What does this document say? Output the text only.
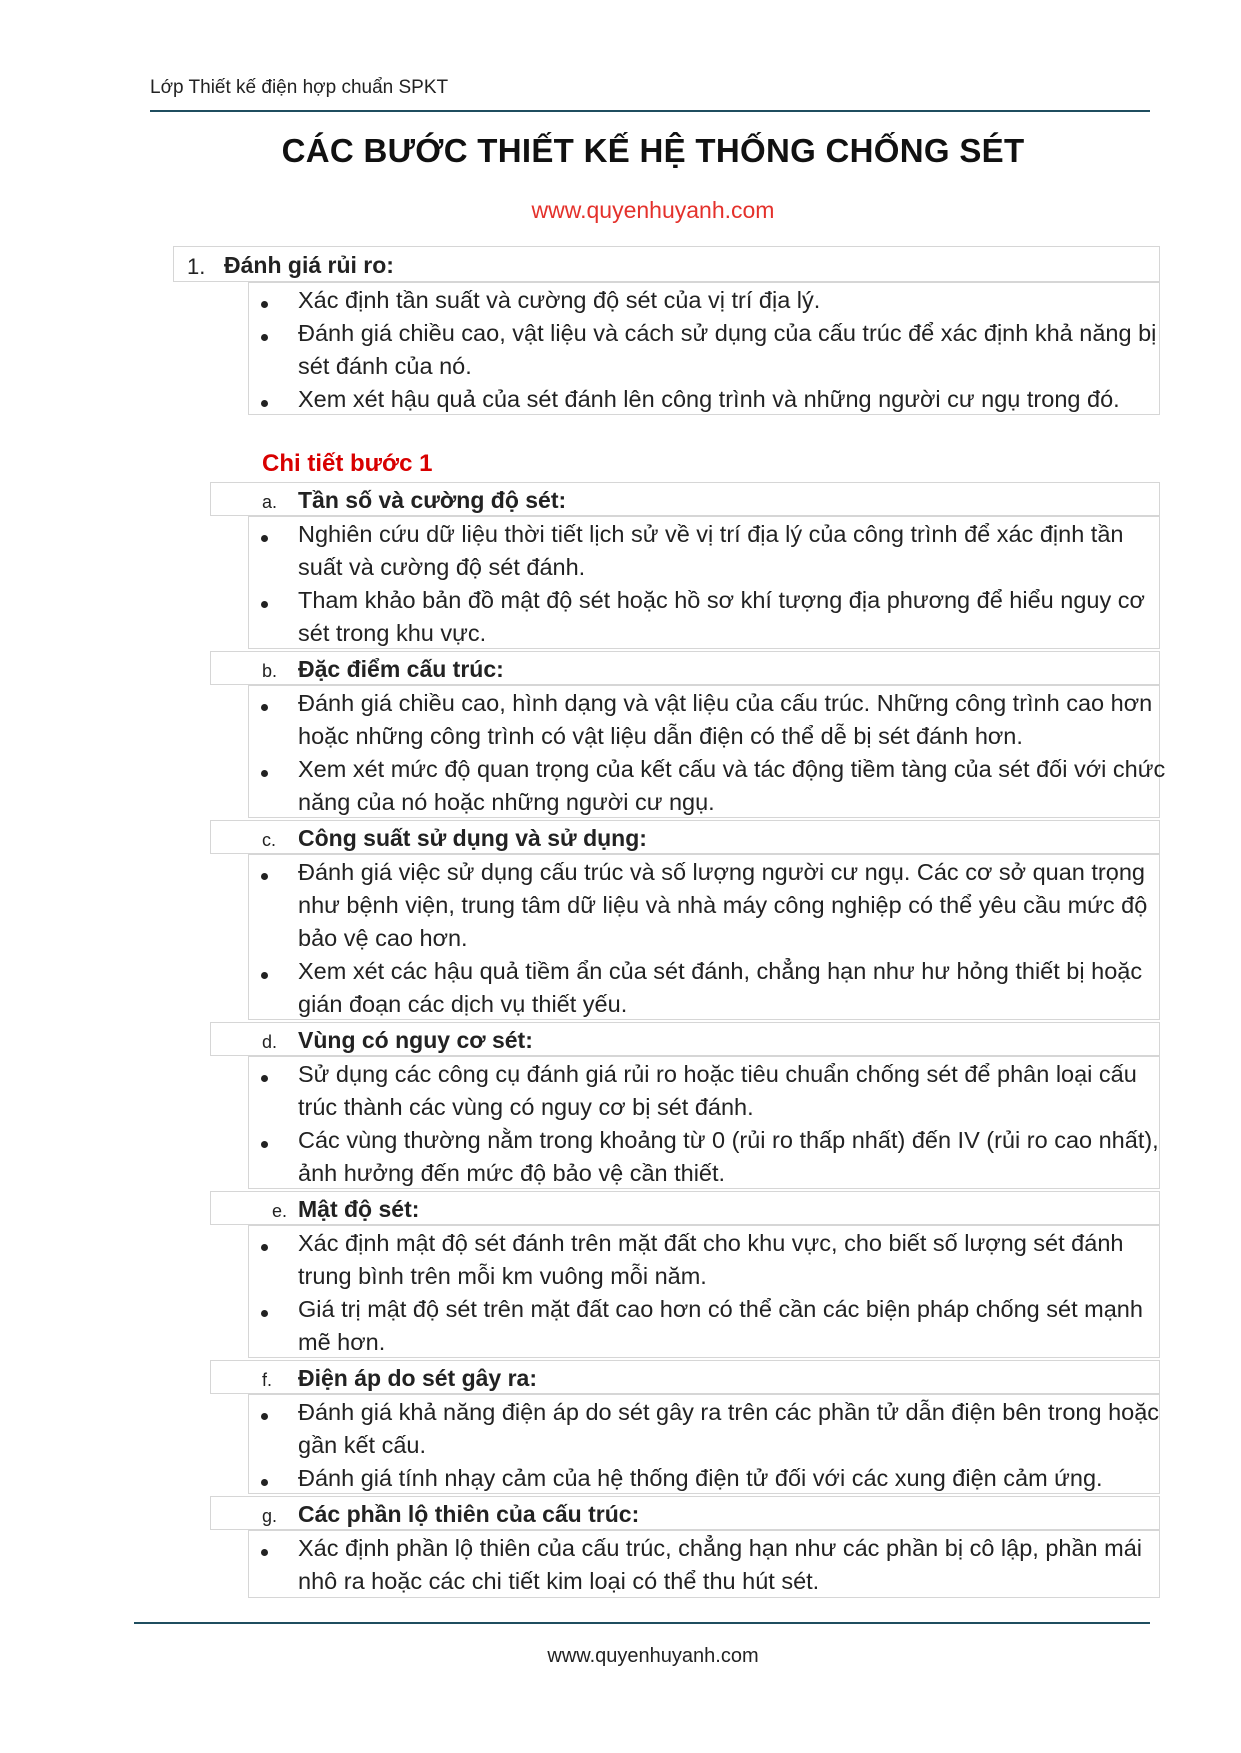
Lớp Thiết kế điện hợp chuẩn SPKT
CÁC BƯỚC THIẾT KẾ HỆ THỐNG CHỐNG SÉT
www.quyenhuyanh.com
1. Đánh giá rủi ro:
Xác định tần suất và cường độ sét của vị trí địa lý.
Đánh giá chiều cao, vật liệu và cách sử dụng của cấu trúc để xác định khả năng bị sét đánh của nó.
Xem xét hậu quả của sét đánh lên công trình và những người cư ngụ trong đó.
Chi tiết bước 1
a. Tần số và cường độ sét:
Nghiên cứu dữ liệu thời tiết lịch sử về vị trí địa lý của công trình để xác định tần suất và cường độ sét đánh.
Tham khảo bản đồ mật độ sét hoặc hồ sơ khí tượng địa phương để hiểu nguy cơ sét trong khu vực.
b. Đặc điểm cấu trúc:
Đánh giá chiều cao, hình dạng và vật liệu của cấu trúc. Những công trình cao hơn hoặc những công trình có vật liệu dẫn điện có thể dễ bị sét đánh hơn.
Xem xét mức độ quan trọng của kết cấu và tác động tiềm tàng của sét đối với chức năng của nó hoặc những người cư ngụ.
c. Công suất sử dụng và sử dụng:
Đánh giá việc sử dụng cấu trúc và số lượng người cư ngụ. Các cơ sở quan trọng như bệnh viện, trung tâm dữ liệu và nhà máy công nghiệp có thể yêu cầu mức độ bảo vệ cao hơn.
Xem xét các hậu quả tiềm ẩn của sét đánh, chẳng hạn như hư hỏng thiết bị hoặc gián đoạn các dịch vụ thiết yếu.
d. Vùng có nguy cơ sét:
Sử dụng các công cụ đánh giá rủi ro hoặc tiêu chuẩn chống sét để phân loại cấu trúc thành các vùng có nguy cơ bị sét đánh.
Các vùng thường nằm trong khoảng từ 0 (rủi ro thấp nhất) đến IV (rủi ro cao nhất), ảnh hưởng đến mức độ bảo vệ cần thiết.
e. Mật độ sét:
Xác định mật độ sét đánh trên mặt đất cho khu vực, cho biết số lượng sét đánh trung bình trên mỗi km vuông mỗi năm.
Giá trị mật độ sét trên mặt đất cao hơn có thể cần các biện pháp chống sét mạnh mẽ hơn.
f. Điện áp do sét gây ra:
Đánh giá khả năng điện áp do sét gây ra trên các phần tử dẫn điện bên trong hoặc gần kết cấu.
Đánh giá tính nhạy cảm của hệ thống điện tử đối với các xung điện cảm ứng.
g. Các phần lộ thiên của cấu trúc:
Xác định phần lộ thiên của cấu trúc, chẳng hạn như các phần bị cô lập, phần mái nhô ra hoặc các chi tiết kim loại có thể thu hút sét.
www.quyenhuyanh.com
